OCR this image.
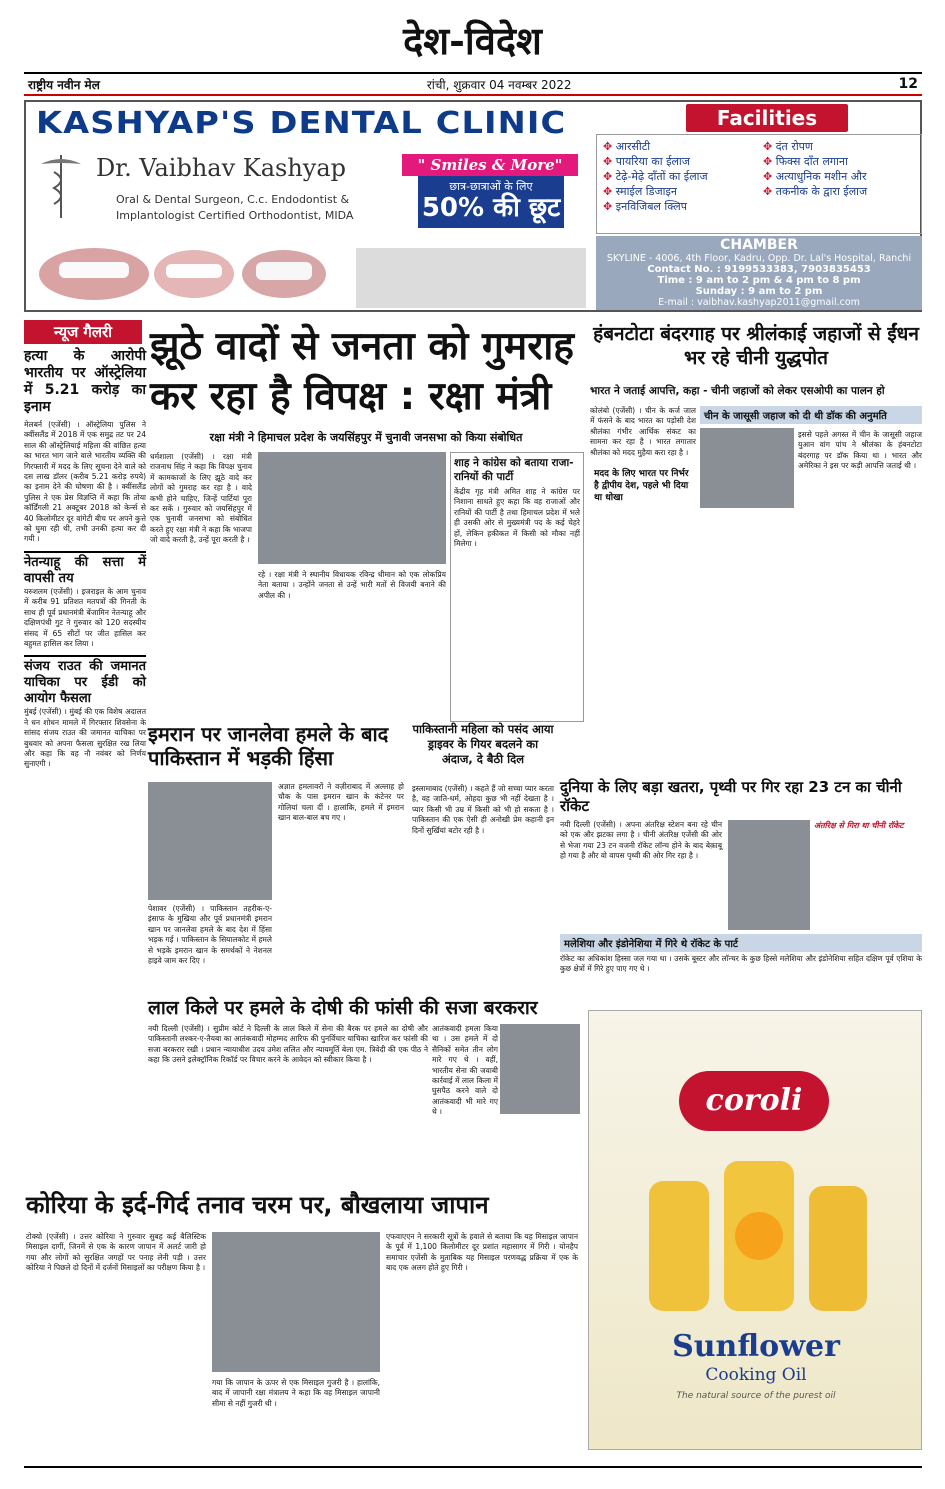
देश-विदेश
राष्ट्रीय नवीन मेल	रांची, शुक्रवार 04 नवम्बर 2022	12
KASHYAP'S DENTAL CLINIC
Dr. Vaibhav Kashyap
Oral & Dental Surgeon, C.c. Endodontist &
Implantologist Certified Orthodontist, MIDA
" Smiles & More"
छात्र-छात्राओं के लिए
50% की छूट
Facilities
✥ आरसीटी
✥ पायरिया का ईलाज
✥ टेढ़े-मेढ़े दाँतों का ईलाज
✥ स्माईल डिजाइन
✥ इनविजिबल क्लिप
✥ दंत रोपण
✥ फिक्स दाँत लगाना
✥ अत्याधुनिक मशीन और
✥ तकनीक के द्वारा ईलाज
CHAMBER
SKYLINE - 4006, 4th Floor, Kadru, Opp. Dr. Lal's Hospital, Ranchi
Contact No. : 9199533383, 7903835453
Time : 9 am to 2 pm & 4 pm to 8 pm
Sunday : 9 am to 2 pm
E-mail : vaibhav.kashyap2011@gmail.com
न्यूज गैलरी
हत्या के आरोपी भारतीय पर ऑस्ट्रेलिया में 5.21 करोड़ का इनाम
मेलबर्न (एजेंसी) । ऑस्ट्रेलिया पुलिस ने क्वींसलैंड में 2018 में एक समुद्र तट पर 24 साल की ऑस्ट्रेलियाई महिला की वांछित हत्या का भारत भाग जाने वाले भारतीय व्यक्ति की गिरफ्तारी में मदद के लिए सूचना देने वाले को दस लाख डॉलर (करीब 5.21 करोड़ रुपये) का इनाम देने की घोषणा की है । क्वींसलैंड पुलिस ने एक प्रेस विज्ञप्ति में कहा कि तोया कॉर्डिंगली 21 अक्टूबर 2018 को केर्न्स से 40 किलोमीटर दूर वांगेटी बीच पर अपने कुत्ते को घुमा रही थी, तभी उनकी हत्या कर दी गयी ।
नेतन्याहू की सत्ता में वापसी तय
यरुशलम (एजेंसी) । इजराइल के आम चुनाव में करीब 91 प्रतिशत मतपत्रों की गिनती के साथ ही पूर्व प्रधानमंत्री बेंजामिन नेतन्याहू और दक्षिणपंथी गुट ने गुरुवार को 120 सदस्यीय संसद में 65 सीटों पर जीत हासिल कर बहुमत हासिल कर लिया ।
संजय राउत की जमानत याचिका पर ईडी को आयोग फैसला
मुंबई (एजेंसी) । मुंबई की एक विशेष अदालत ने धन शोधन मामले में गिरफ्तार शिवसेना के सांसद संजय राउत की जमानत याचिका पर बुधवार को अपना फैसला सुरक्षित रख लिया और कहा कि वह नौ नवंबर को निर्णय सुनाएगी ।
झूठे वादों से जनता को गुमराह कर रहा है विपक्ष : रक्षा मंत्री
रक्षा मंत्री ने हिमाचल प्रदेश के जयसिंहपुर में चुनावी जनसभा को किया संबोधित
धर्मशाला (एजेंसी) । रक्षा मंत्री राजनाथ सिंह ने कहा कि विपक्ष चुनाव में कामकाजों के लिए झूठे वादे कर लोगों को गुमराह कर रहा है । वादे कभी होने चाहिए, जिन्हें पार्टियां पूरा कर सकें । गुरुवार को जयसिंहपुर में एक चुनावी जनसभा को संबोधित करते हुए रक्षा मंत्री ने कहा कि भाजपा जो वादे करती है, उन्हें पूरा करती है ।
शाह ने कांग्रेस को बताया राजा-रानियों की पार्टी
केंद्रीय गृह मंत्री अमित शाह ने कांग्रेस पर निशाना साधते हुए कहा कि वह राजाओं और रानियों की पार्टी है तथा हिमाचल प्रदेश में भले ही उसकी ओर से मुख्यमंत्री पद के कई चेहरे हों, लेकिन हकीकत में किसी को मौका नहीं मिलेगा ।
रहे । रक्षा मंत्री ने स्थानीय विधायक रविन्द्र धीमान को एक लोकप्रिय नेता बताया । उन्होंने जनता से उन्हें भारी मतों से विजयी बनाने की अपील की ।
हंबनटोटा बंदरगाह पर श्रीलंकाई जहाजों से ईंधन भर रहे चीनी युद्धपोत
भारत ने जताई आपत्ति, कहा - चीनी जहाजों को लेकर एसओपी का पालन हो
चीन के जासूसी जहाज को दी थी डॉक की अनुमति
कोलंबो (एजेंसी) । चीन के कर्ज जाल में फंसने के बाद भारत का पड़ोसी देश श्रीलंका गंभीर आर्थिक संकट का सामना कर रहा है । भारत लगातार श्रीलंका को मदद मुहैया करा रहा है ।
मदद के लिए भारत पर निर्भर है द्वीपीय देश, पहले भी दिया था धोखा
इससे पहले अगस्त में चीन के जासूसी जहाज युआन वांग पांच ने श्रीलंका के हंबनटोटा बंदरगाह पर डॉक किया था । भारत और अमेरिका ने इस पर कड़ी आपत्ति जताई थी ।
इमरान पर जानलेवा हमले के बाद पाकिस्तान में भड़की हिंसा
पेशावर (एजेंसी) । पाकिस्तान तहरीक-ए-इंसाफ के मुखिया और पूर्व प्रधानमंत्री इमरान खान पर जानलेवा हमले के बाद देश में हिंसा भड़क गई । पाकिस्तान के सियालकोट में हमले से भड़के इमरान खान के समर्थकों ने नेशनल हाइवे जाम कर दिए ।
अज्ञात हमलावरों ने वज़ीराबाद में अल्लाह हो चौक के पास इमरान खान के कंटेनर पर गोलियां चला दीं । हालांकि, हमले में इमरान खान बाल-बाल बच गए ।
पाकिस्तानी महिला को पसंद आया ड्राइवर के गियर बदलने का अंदाज, दे बैठी दिल
इस्लामाबाद (एजेंसी) । कहते हैं जो सच्चा प्यार करता है, वह जाति-धर्म, ओहदा कुछ भी नहीं देखता है । प्यार किसी भी उम्र में किसी को भी हो सकता है । पाकिस्तान की एक ऐसी ही अनोखी प्रेम कहानी इन दिनों सुर्खियां बटोर रही है ।
दुनिया के लिए बड़ा खतरा, पृथ्वी पर गिर रहा 23 टन का चीनी रॉकेट
नयी दिल्ली (एजेंसी) । अपना अंतरिक्ष स्टेशन बना रहे चीन को एक और झटका लगा है । चीनी अंतरिक्ष एजेंसी की ओर से भेजा गया 23 टन वजनी रॉकेट लॉन्च होने के बाद बेक़ाबू हो गया है और वो वापस पृथ्वी की ओर गिर रहा है ।
अंतरिक्ष से गिरा था चीनी रॉकेट
मलेशिया और इंडोनेशिया में गिरे थे रॉकेट के पार्ट
रॉकेट का अधिकांश हिस्सा जल गया था । उसके बूस्टर और लॉन्चर के कुछ हिस्से मलेशिया और इंडोनेशिया सहित दक्षिण पूर्व एशिया के कुछ क्षेत्रों में गिरे हुए पाए गए थे ।
लाल किले पर हमले के दोषी की फांसी की सजा बरकरार
नयी दिल्ली (एजेंसी) । सुप्रीम कोर्ट ने दिल्ली के लाल किले में सेना की बैरक पर हमले का दोषी और पाकिस्तानी लश्कर-ए-तैयबा का आतंकवादी मोहम्मद आरिफ की पुनर्विचार याचिका खारिज कर फांसी की सजा बरकरार रखी । प्रधान न्यायाधीश उदय उमेश ललित और न्यायमूर्ति बेला एम. त्रिवेदी की एक पीठ ने कहा कि उसने इलेक्ट्रॉनिक रिकॉर्ड पर विचार करने के आवेदन को स्वीकार किया है ।
आतंकवादी हमला किया था । उस हमले में दो सैनिकों समेत तीन लोग मारे गए थे । वहीं, भारतीय सेना की जवाबी कार्रवाई में लाल किला में घुसपैठ करने वाले दो आतंकवादी भी मारे गए थे ।
कोरिया के इर्द-गिर्द तनाव चरम पर, बौखलाया जापान
टोक्यो (एजेंसी) । उत्तर कोरिया ने गुरुवार सुबह कई बैलिस्टिक मिसाइल दागीं, जिनमें से एक के कारण जापान में अलर्ट जारी हो गया और लोगों को सुरक्षित जगहों पर पनाह लेनी पड़ी । उत्तर कोरिया ने पिछले दो दिनों में दर्जनों मिसाइलों का परीक्षण किया है ।
गया कि जापान के ऊपर से एक मिसाइल गुजरी है । हालांकि, बाद में जापानी रक्षा मंत्रालय ने कहा कि वह मिसाइल जापानी सीमा से नहीं गुजरी थी ।
एफवाएएन ने सरकारी सूत्रों के हवाले से बताया कि यह मिसाइल जापान के पूर्व में 1,100 किलोमीटर दूर प्रशांत महासागर में गिरी । योनहैप समाचार एजेंसी के मुताबिक यह मिसाइल परणवद्ध प्रक्रिया में एक के बाद एक अलग होते हुए गिरी ।
coroli
Sunflower
Cooking Oil
The natural source of the purest oil
